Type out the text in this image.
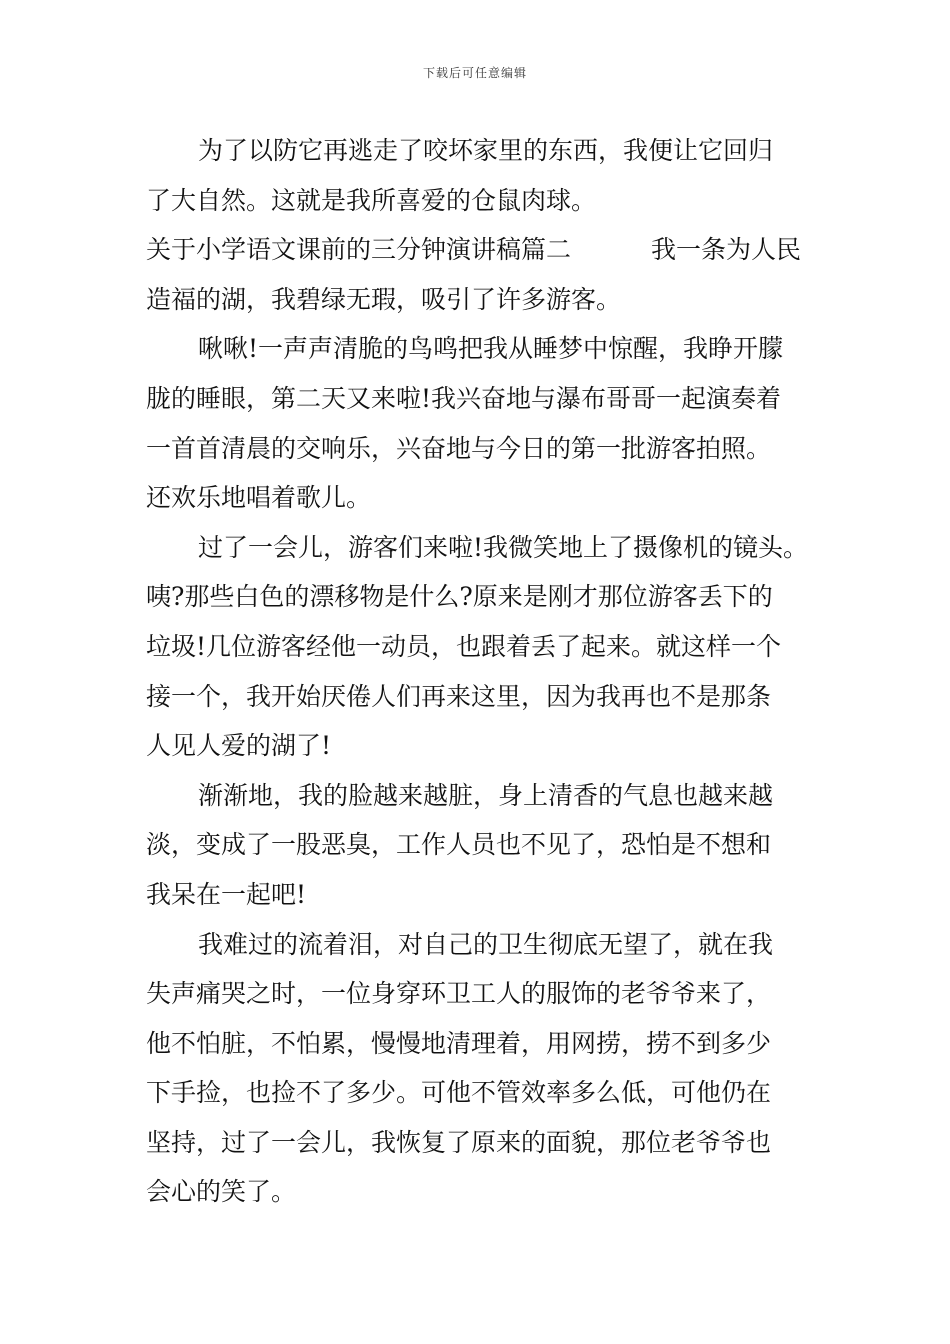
下载后可任意编辑
为了以防它再逃走了咬坏家里的东西，我便让它回归
了大自然。这就是我所喜爱的仓鼠肉球。
关于小学语文课前的三分钟演讲稿篇二	我一条为人民
造福的湖，我碧绿无瑕，吸引了许多游客。
啾啾!一声声清脆的鸟鸣把我从睡梦中惊醒，我睁开朦
胧的睡眼，第二天又来啦!我兴奋地与瀑布哥哥一起演奏着
一首首清晨的交响乐，兴奋地与今日的第一批游客拍照。
还欢乐地唱着歌儿。
过了一会儿，游客们来啦!我微笑地上了摄像机的镜头。
咦?那些白色的漂移物是什么?原来是刚才那位游客丢下的
垃圾!几位游客经他一动员，也跟着丢了起来。就这样一个
接一个，我开始厌倦人们再来这里，因为我再也不是那条
人见人爱的湖了!
渐渐地，我的脸越来越脏，身上清香的气息也越来越
淡，变成了一股恶臭，工作人员也不见了，恐怕是不想和
我呆在一起吧!
我难过的流着泪，对自己的卫生彻底无望了，就在我
失声痛哭之时，一位身穿环卫工人的服饰的老爷爷来了，
他不怕脏，不怕累，慢慢地清理着，用网捞，捞不到多少
下手捡，也捡不了多少。可他不管效率多么低，可他仍在
坚持，过了一会儿，我恢复了原来的面貌，那位老爷爷也
会心的笑了。
